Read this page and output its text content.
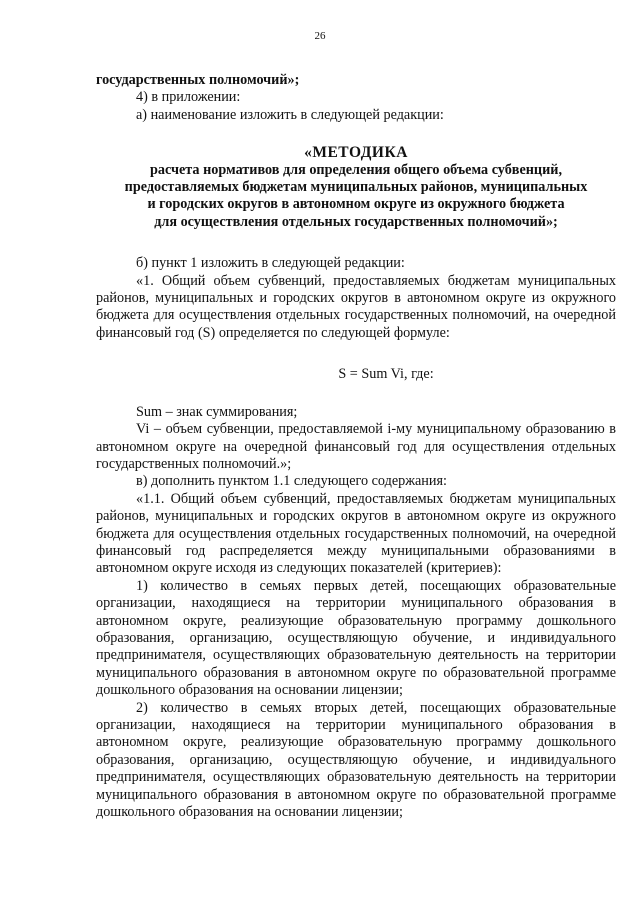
26

государственных полномочий»;

4) в приложении:

а) наименование изложить в следующей редакции:

«МЕТОДИКА

расчета нормативов для определения общего объема субвенций,

предоставляемых бюджетам муниципальных районов, муниципальных

и городских округов в автономном округе из окружного бюджета

для осуществления отдельных государственных полномочий»;

б) пункт 1 изложить в следующей редакции:

«1. Общий объем субвенций, предоставляемых бюджетам муниципальных районов, муниципальных и городских округов в автономном округе из окружного бюджета для осуществления отдельных государственных полномочий, на очередной финансовый год (S) определяется по следующей формуле:

S = Sum Vi, где:

Sum – знак суммирования;

Vi – объем субвенции, предоставляемой i-му муниципальному образованию в автономном округе на очередной финансовый год для осуществления отдельных государственных полномочий.»;

в) дополнить пунктом 1.1 следующего содержания:

«1.1. Общий объем субвенций, предоставляемых бюджетам муниципальных районов, муниципальных и городских округов в автономном округе из окружного бюджета для осуществления отдельных государственных полномочий, на очередной финансовый год распределяется между муниципальными образованиями в автономном округе исходя из следующих показателей (критериев):

1) количество в семьях первых детей, посещающих образовательные организации, находящиеся на территории муниципального образования в автономном округе, реализующие образовательную программу дошкольного образования, организацию, осуществляющую обучение, и индивидуального предпринимателя, осуществляющих образовательную деятельность на территории муниципального образования в автономном округе по образовательной программе дошкольного образования на основании лицензии;

2) количество в семьях вторых детей, посещающих образовательные организации, находящиеся на территории муниципального образования в автономном округе, реализующие образовательную программу дошкольного образования, организацию, осуществляющую обучение, и индивидуального предпринимателя, осуществляющих образовательную деятельность на территории муниципального образования в автономном округе по образовательной программе дошкольного образования на основании лицензии;
